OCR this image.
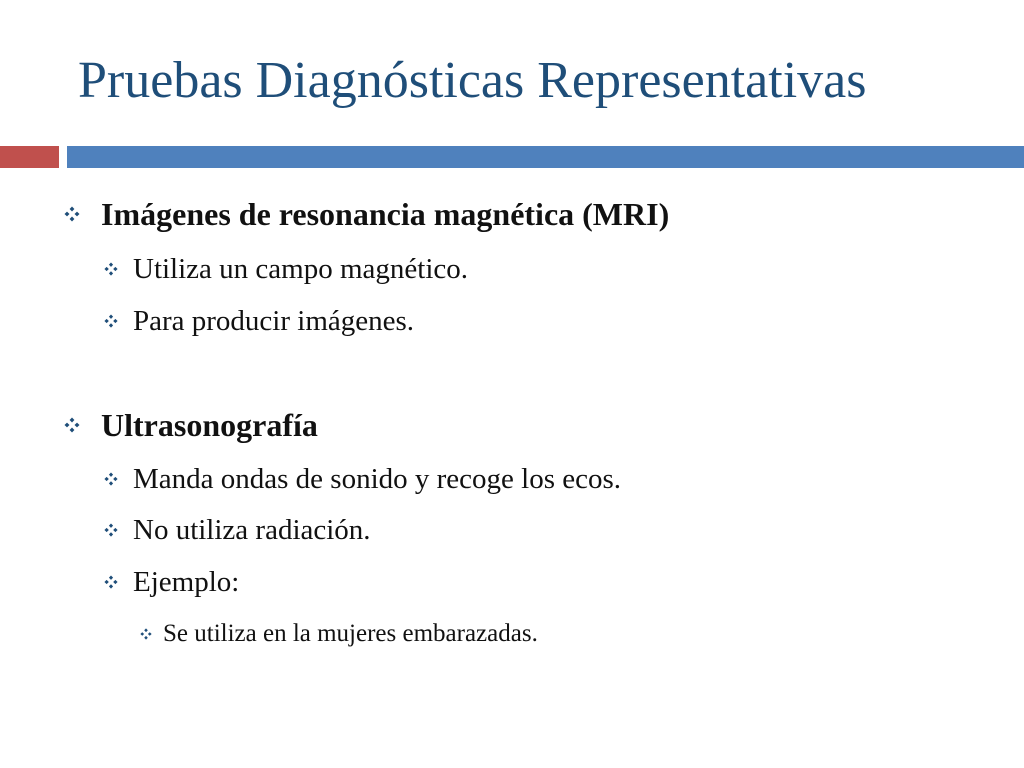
Pruebas Diagnósticas Representativas
Imágenes de resonancia magnética (MRI)
Utiliza un campo magnético.
Para producir imágenes.
Ultrasonografía
Manda ondas de sonido y recoge los ecos.
No utiliza radiación.
Ejemplo:
Se utiliza en la mujeres embarazadas.
